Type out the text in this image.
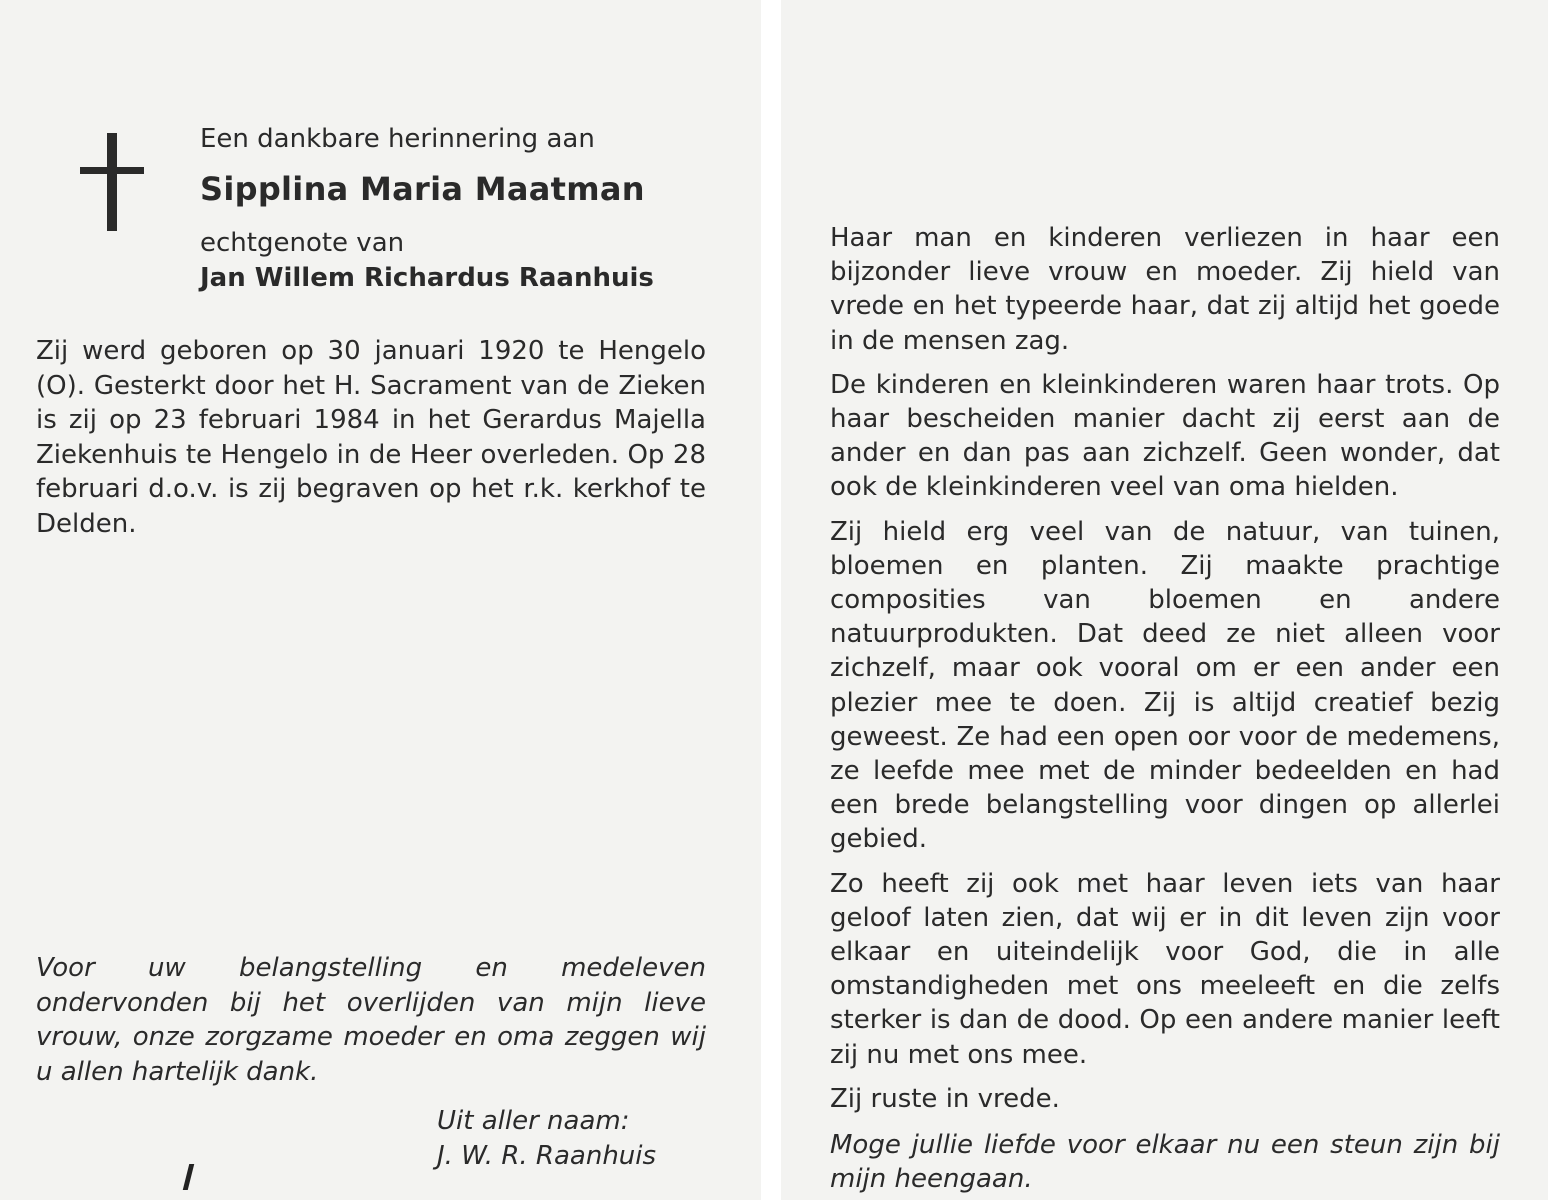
Een dankbare herinnering aan
Sipplina Maria Maatman
echtgenote van
Jan Willem Richardus Raanhuis

Zij werd geboren op 30 januari 1920 te Hengelo (O). Gesterkt door het H. Sacrament van de Zieken is zij op 23 februari 1984 in het Gerardus Majella Ziekenhuis te Hengelo in de Heer overleden. Op 28 februari d.o.v. is zij begraven op het r.k. kerkhof te Delden.

Voor uw belangstelling en medeleven ondervonden bij het overlijden van mijn lieve vrouw, onze zorgzame moeder en oma zeggen wij u allen hartelijk dank.

Uit aller naam:
J. W. R. Raanhuis

Haar man en kinderen verliezen in haar een bijzonder lieve vrouw en moeder. Zij hield van vrede en het typeerde haar, dat zij altijd het goede in de mensen zag.

De kinderen en kleinkinderen waren haar trots. Op haar bescheiden manier dacht zij eerst aan de ander en dan pas aan zichzelf. Geen wonder, dat ook de kleinkinderen veel van oma hielden.

Zij hield erg veel van de natuur, van tuinen, bloemen en planten. Zij maakte prachtige composities van bloemen en andere natuurprodukten. Dat deed ze niet alleen voor zichzelf, maar ook vooral om er een ander een plezier mee te doen. Zij is altijd creatief bezig geweest. Ze had een open oor voor de medemens, ze leefde mee met de minder bedeelden en had een brede belangstelling voor dingen op allerlei gebied.

Zo heeft zij ook met haar leven iets van haar geloof laten zien, dat wij er in dit leven zijn voor elkaar en uiteindelijk voor God, die in alle omstandigheden met ons meeleeft en die zelfs sterker is dan de dood. Op een andere manier leeft zij nu met ons mee.

Zij ruste in vrede.

Moge jullie liefde voor elkaar nu een steun zijn bij mijn heengaan.
